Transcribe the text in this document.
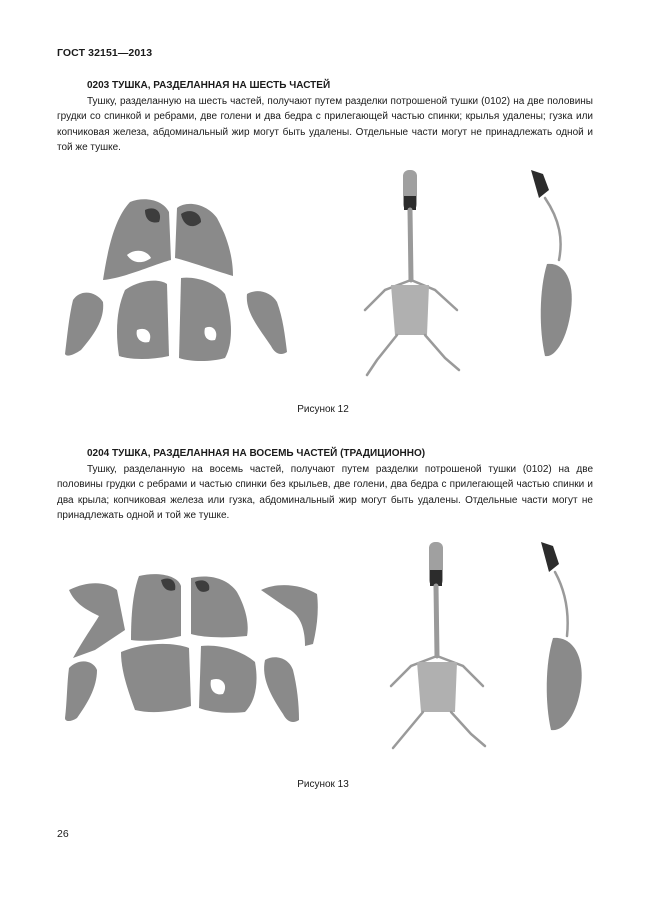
ГОСТ 32151—2013
0203 ТУШКА, РАЗДЕЛАННАЯ НА ШЕСТЬ ЧАСТЕЙ
Тушку, разделанную на шесть частей, получают путем разделки потрошеной тушки (0102) на две половины грудки со спинкой и ребрами, две голени и два бедра с прилегающей частью спинки; крылья удалены; гузка или копчиковая железа, абдоминальный жир могут быть удалены. Отдельные части могут не принадлежать одной и той же тушке.
Рисунок 12
0204 ТУШКА, РАЗДЕЛАННАЯ НА ВОСЕМЬ ЧАСТЕЙ (ТРАДИЦИОННО)
Тушку, разделанную на восемь частей, получают путем разделки потрошеной тушки (0102) на две половины грудки с ребрами и частью спинки без крыльев, две голени, два бедра с прилегающей частью спинки и два крыла; копчиковая железа или гузка, абдоминальный жир могут быть удалены. Отдельные части могут не принадлежать одной и той же тушке.
Рисунок 13
26
